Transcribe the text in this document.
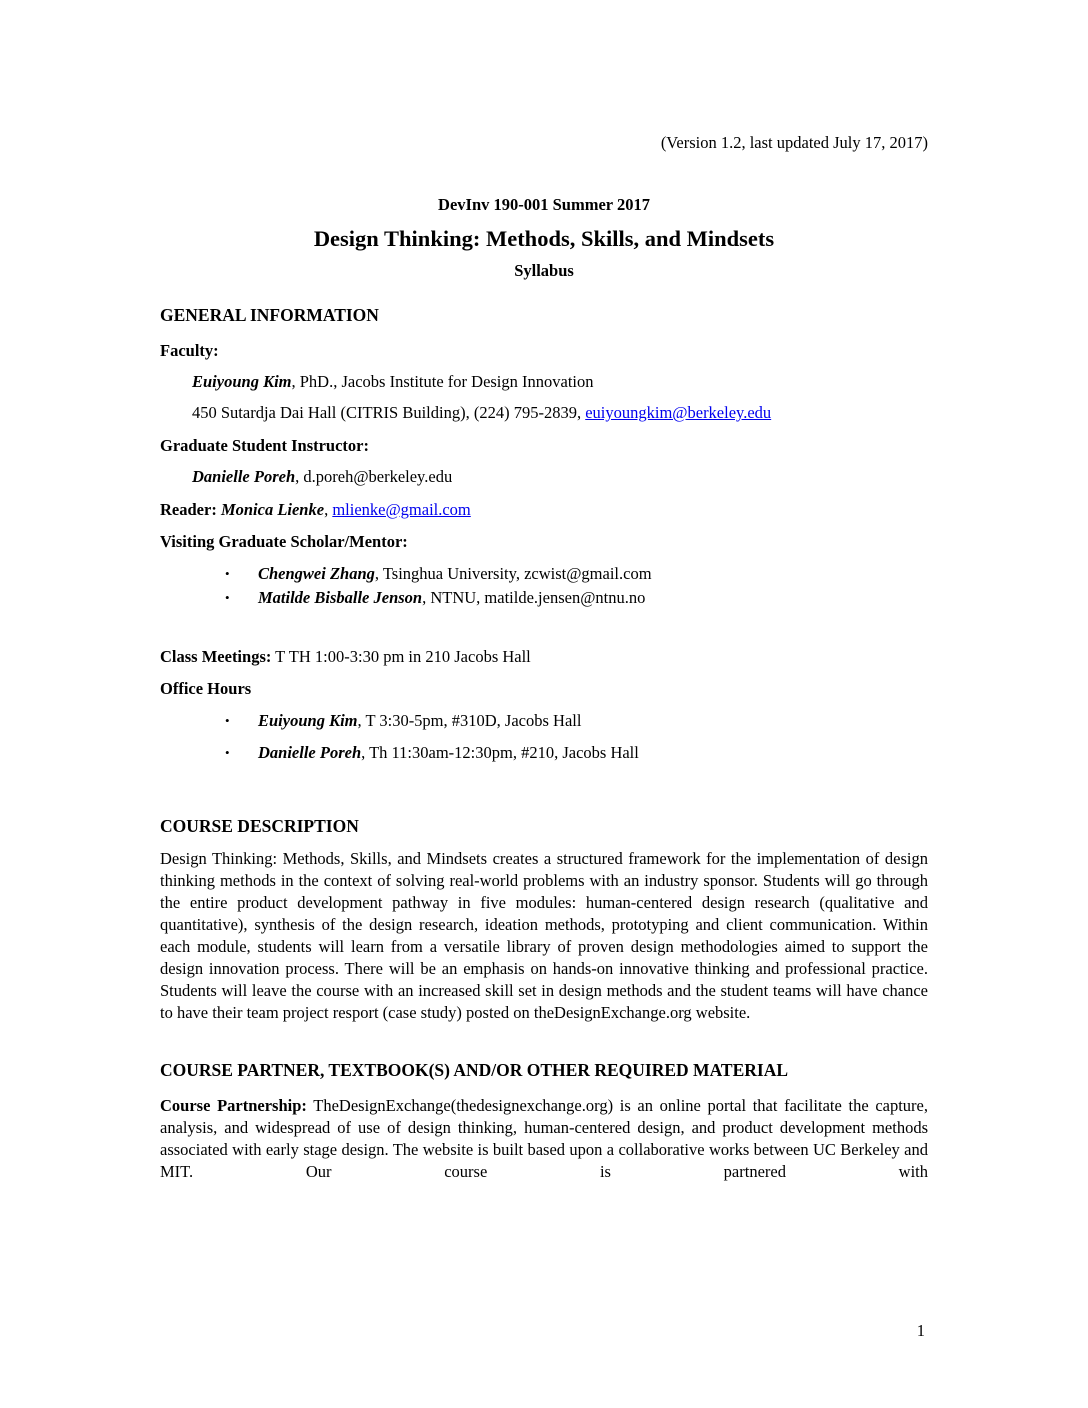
(Version 1.2, last updated July 17, 2017)
DevInv 190-001 Summer 2017
Design Thinking: Methods, Skills, and Mindsets
Syllabus
GENERAL INFORMATION
Faculty:
Euiyoung Kim, PhD., Jacobs Institute for Design Innovation
450 Sutardja Dai Hall (CITRIS Building), (224) 795-2839, euiyoungkim@berkeley.edu
Graduate Student Instructor:
Danielle Poreh, d.poreh@berkeley.edu
Reader: Monica Lienke, mlienke@gmail.com
Visiting Graduate Scholar/Mentor:
•	Chengwei Zhang, Tsinghua University, zcwist@gmail.com
•	Matilde Bisballe Jenson, NTNU, matilde.jensen@ntnu.no
Class Meetings: T TH 1:00-3:30 pm in 210 Jacobs Hall
Office Hours
•	Euiyoung Kim, T 3:30-5pm, #310D, Jacobs Hall
•	Danielle Poreh, Th 11:30am-12:30pm, #210, Jacobs Hall
COURSE DESCRIPTION

Design Thinking: Methods, Skills, and Mindsets creates a structured framework for the implementation of design thinking methods in the context of solving real-world problems with an industry sponsor. Students will go through the entire product development pathway in five modules: human-centered design research (qualitative and quantitative), synthesis of the design research, ideation methods, prototyping and client communication. Within each module, students will learn from a versatile library of proven design methodologies aimed to support the design innovation process. There will be an emphasis on hands-on innovative thinking and professional practice. Students will leave the course with an increased skill set in design methods and the student teams will have chance to have their team project resport (case study) posted on theDesignExchange.org website.

COURSE PARTNER, TEXTBOOK(S) AND/OR OTHER REQUIRED MATERIAL

Course Partnership: TheDesignExchange(thedesignexchange.org) is an online portal that facilitate the capture, analysis, and widespread of use of design thinking, human-centered design, and product development methods associated with early stage design. The website is built based upon a collaborative works between UC Berkeley and MIT. Our course is partnered with

1
